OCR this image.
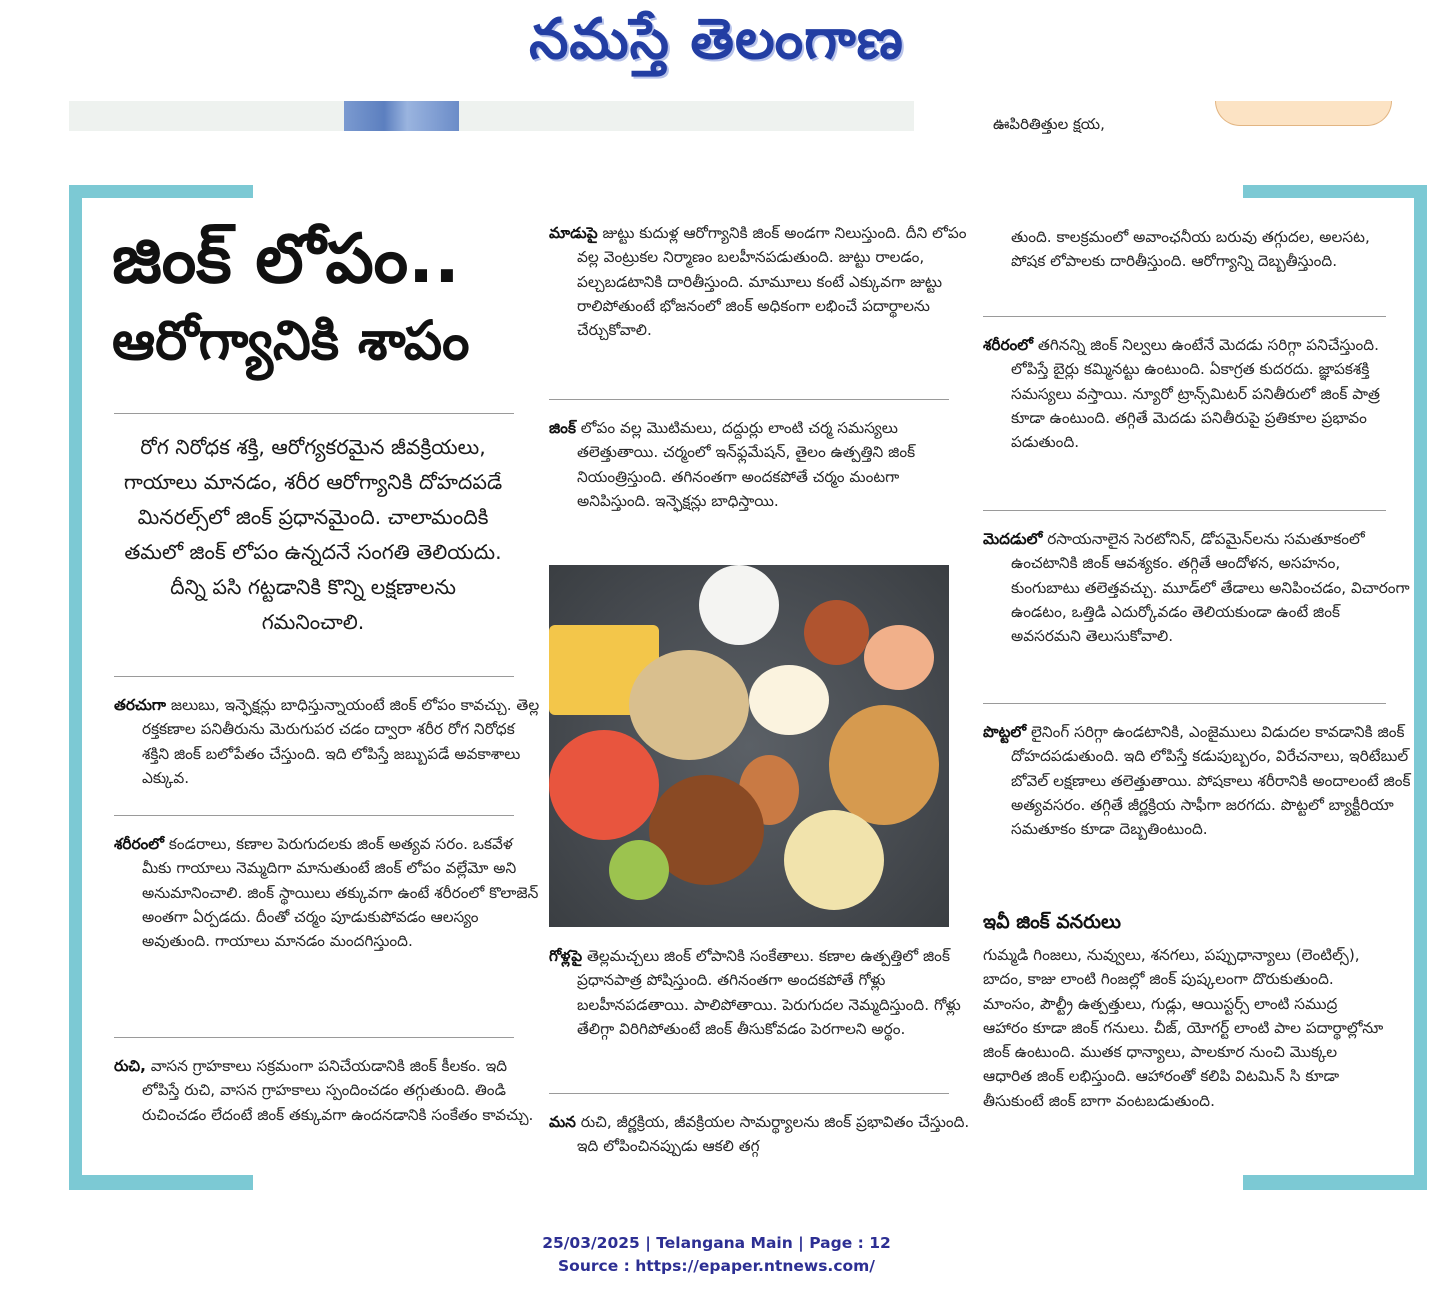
నమస్తే తెలంగాణ
ఊపిరితిత్తుల క్షయ,
జింక్ లోపం..
ఆరోగ్యానికి శాపం
రోగ నిరోధక శక్తి, ఆరోగ్యకరమైన జీవక్రియలు, గాయాలు మానడం, శరీర ఆరోగ్యానికి దోహదపడే మినరల్స్‌లో జింక్ ప్రధానమైంది. చాలామందికి తమలో జింక్ లోపం ఉన్నదనే సంగతి తెలియదు. దీన్ని పసి గట్టడానికి కొన్ని లక్షణాలను గమనించాలి.

తరచుగా జలుబు, ఇన్ఫెక్షన్లు బాధిస్తున్నాయంటే జింక్ లోపం కావచ్చు. తెల్ల రక్తకణాల పనితీరును మెరుగుపర చడం ద్వారా శరీర రోగ నిరోధక శక్తిని జింక్ బలోపేతం చేస్తుంది. ఇది లోపిస్తే జబ్బుపడే అవకాశాలు ఎక్కువ.

శరీరంలో కండరాలు, కణాల పెరుగుదలకు జింక్ అత్యవ సరం. ఒకవేళ మీకు గాయాలు నెమ్మదిగా మానుతుంటే జింక్ లోపం వల్లేమో అని అనుమానించాలి. జింక్ స్థాయిలు తక్కువగా ఉంటే శరీరంలో కొలాజెన్ అంతగా ఏర్పడదు. దీంతో చర్మం పూడుకుపోవడం ఆలస్యం అవుతుంది. గాయాలు మానడం మందగిస్తుంది.

రుచి, వాసన గ్రాహకాలు సక్రమంగా పనిచేయడానికి జింక్ కీలకం. ఇది లోపిస్తే రుచి, వాసన గ్రాహకాలు స్పందించడం తగ్గుతుంది. తిండి రుచించడం లేదంటే జింక్ తక్కువగా ఉందనడానికి సంకేతం కావచ్చు.

మాడుపై జుట్టు కుదుళ్ల ఆరోగ్యానికి జింక్ అండగా నిలుస్తుంది. దీని లోపం వల్ల వెంట్రుకల నిర్మాణం బలహీనపడుతుంది. జుట్టు రాలడం, పల్చబడటానికి దారితీస్తుంది. మామూలు కంటే ఎక్కువగా జుట్టు రాలిపోతుంటే భోజనంలో జింక్ అధికంగా లభించే పదార్థాలను చేర్చుకోవాలి.

జింక్ లోపం వల్ల మొటిమలు, దద్దుర్లు లాంటి చర్మ సమస్యలు తలెత్తుతాయి. చర్మంలో ఇన్‌ఫ్లమేషన్, తైలం ఉత్పత్తిని జింక్ నియంత్రిస్తుంది. తగినంతగా అందకపోతే చర్మం మంటగా అనిపిస్తుంది. ఇన్ఫెక్షన్లు బాధిస్తాయి.

గోళ్లపై తెల్లమచ్చలు జింక్ లోపానికి సంకేతాలు. కణాల ఉత్పత్తిలో జింక్ ప్రధానపాత్ర పోషిస్తుంది. తగినంతగా అందకపోతే గోళ్లు బలహీనపడతాయి. పాలిపోతాయి. పెరుగుదల నెమ్మదిస్తుంది. గోళ్లు తేలిగ్గా విరిగిపోతుంటే జింక్ తీసుకోవడం పెరగాలని అర్థం.

మన రుచి, జీర్ణక్రియ, జీవక్రియల సామర్థ్యాలను జింక్ ప్రభావితం చేస్తుంది. ఇది లోపించినప్పుడు ఆకలి తగ్గ

తుంది. కాలక్రమంలో అవాంఛనీయ బరువు తగ్గుదల, అలసట, పోషక లోపాలకు దారితీస్తుంది. ఆరోగ్యాన్ని దెబ్బతీస్తుంది.

శరీరంలో తగినన్ని జింక్ నిల్వలు ఉంటేనే మెదడు సరిగ్గా పనిచేస్తుంది. లోపిస్తే బైర్లు కమ్మినట్టు ఉంటుంది. ఏకాగ్రత కుదరదు. జ్ఞాపకశక్తి సమస్యలు వస్తాయి. న్యూరో ట్రాన్స్‌మిటర్ పనితీరులో జింక్ పాత్ర కూడా ఉంటుంది. తగ్గితే మెదడు పనితీరుపై ప్రతికూల ప్రభావం పడుతుంది.

మెదడులో రసాయనాలైన సెరటోనిన్, డోపమైన్‌లను సమతూకంలో ఉంచటానికి జింక్ ఆవశ్యకం. తగ్గితే ఆందోళన, అసహనం, కుంగుబాటు తలెత్తవచ్చు. మూడ్‌లో తేడాలు అనిపించడం, విచారంగా ఉండటం, ఒత్తిడి ఎదుర్కోవడం తెలియకుండా ఉంటే జింక్ అవసరమని తెలుసుకోవాలి.

పొట్టలో లైనింగ్ సరిగ్గా ఉండటానికి, ఎంజైములు విడుదల కావడానికి జింక్ దోహదపడుతుంది. ఇది లోపిస్తే కడుపుబ్బరం, విరేచనాలు, ఇరిటేబుల్ బోవెల్ లక్షణాలు తలెత్తుతాయి. పోషకాలు శరీరానికి అందాలంటే జింక్ అత్యవసరం. తగ్గితే జీర్ణక్రియ సాఫీగా జరగదు. పొట్టలో బ్యాక్టీరియా సమతూకం కూడా దెబ్బతింటుంది.

ఇవీ జింక్ వనరులు

గుమ్మడి గింజలు, నువ్వులు, శనగలు, పప్పుధాన్యాలు (లెంటిల్స్), బాదం, కాజు లాంటి గింజల్లో జింక్ పుష్కలంగా దొరుకుతుంది. మాంసం, పౌల్ట్రీ ఉత్పత్తులు, గుడ్లు, ఆయిస్టర్స్ లాంటి సముద్ర ఆహారం కూడా జింక్ గనులు. చీజ్, యోగర్ట్ లాంటి పాల పదార్థాల్లోనూ జింక్ ఉంటుంది. ముతక ధాన్యాలు, పాలకూర నుంచి మొక్కల ఆధారిత జింక్ లభిస్తుంది. ఆహారంతో కలిపి విటమిన్ సి కూడా తీసుకుంటే జింక్ బాగా వంటబడుతుంది.

25/03/2025 | Telangana Main | Page : 12
Source : https://epaper.ntnews.com/
